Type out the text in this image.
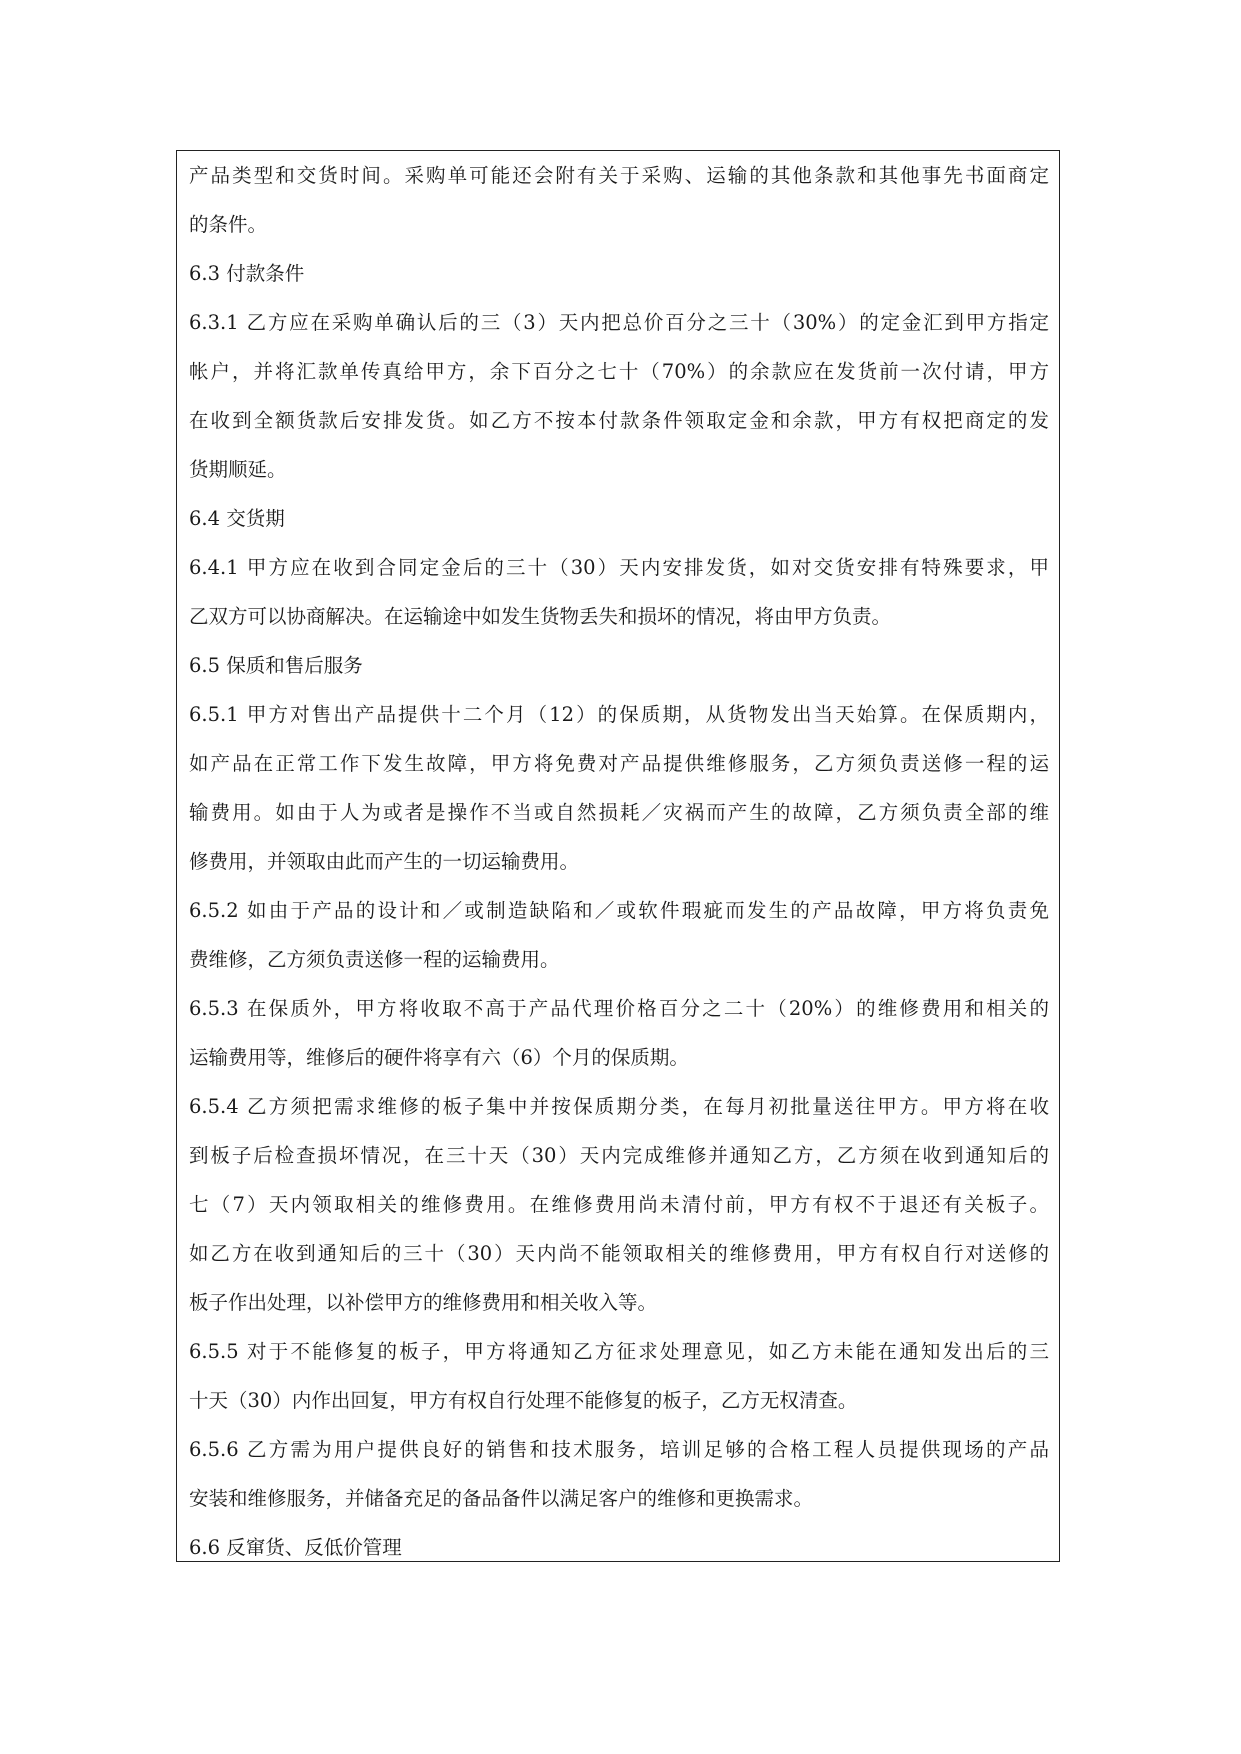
产品类型和交货时间。采购单可能还会附有关于采购、运输的其他条款和其他事先书面商定
的条件。
6.3 付款条件
6.3.1 乙方应在采购单确认后的三（3）天内把总价百分之三十（30%）的定金汇到甲方指定
帐户，并将汇款单传真给甲方，余下百分之七十（70%）的余款应在发货前一次付请，甲方
在收到全额货款后安排发货。如乙方不按本付款条件领取定金和余款，甲方有权把商定的发
货期顺延。
6.4 交货期
6.4.1 甲方应在收到合同定金后的三十（30）天内安排发货，如对交货安排有特殊要求，甲
乙双方可以协商解决。在运输途中如发生货物丢失和损坏的情况，将由甲方负责。
6.5 保质和售后服务
6.5.1 甲方对售出产品提供十二个月（12）的保质期，从货物发出当天始算。在保质期内，
如产品在正常工作下发生故障，甲方将免费对产品提供维修服务，乙方须负责送修一程的运
输费用。如由于人为或者是操作不当或自然损耗／灾祸而产生的故障，乙方须负责全部的维
修费用，并领取由此而产生的一切运输费用。
6.5.2 如由于产品的设计和／或制造缺陷和／或软件瑕疵而发生的产品故障，甲方将负责免
费维修，乙方须负责送修一程的运输费用。
6.5.3 在保质外，甲方将收取不高于产品代理价格百分之二十（20%）的维修费用和相关的
运输费用等，维修后的硬件将享有六（6）个月的保质期。
6.5.4 乙方须把需求维修的板子集中并按保质期分类，在每月初批量送往甲方。甲方将在收
到板子后检查损坏情况，在三十天（30）天内完成维修并通知乙方，乙方须在收到通知后的
七（7）天内领取相关的维修费用。在维修费用尚未清付前，甲方有权不于退还有关板子。
如乙方在收到通知后的三十（30）天内尚不能领取相关的维修费用，甲方有权自行对送修的
板子作出处理，以补偿甲方的维修费用和相关收入等。
6.5.5 对于不能修复的板子，甲方将通知乙方征求处理意见，如乙方未能在通知发出后的三
十天（30）内作出回复，甲方有权自行处理不能修复的板子，乙方无权清查。
6.5.6 乙方需为用户提供良好的销售和技术服务，培训足够的合格工程人员提供现场的产品
安装和维修服务，并储备充足的备品备件以满足客户的维修和更换需求。
6.6 反窜货、反低价管理
